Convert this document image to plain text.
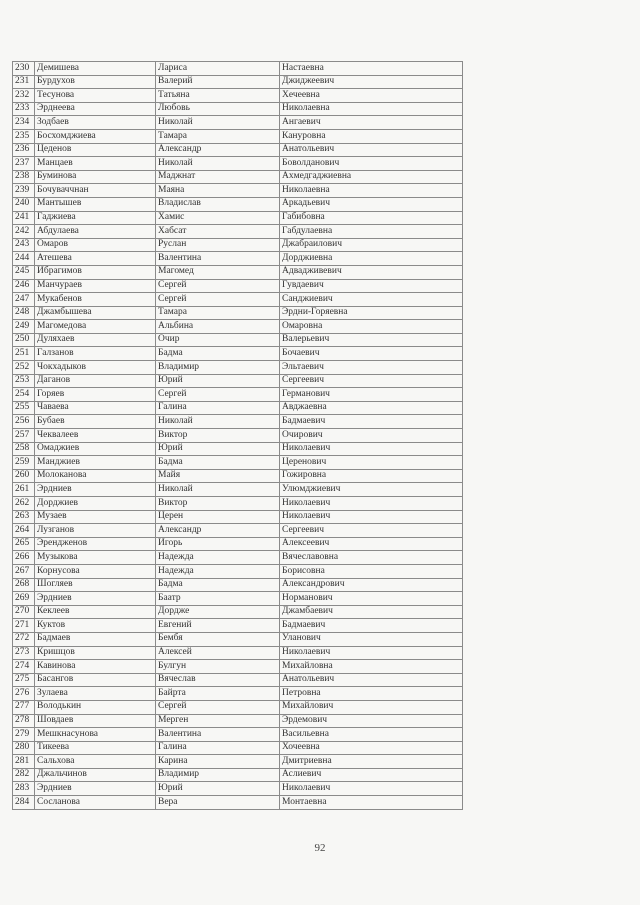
230	Демишева	Лариса	Настаевна
231	Бурдухов	Валерий	Джиджеевич
232	Тесунова	Татьяна	Хечеевна
233	Эрднеева	Любовь	Николаевна
234	Зодбаев	Николай	Ангаевич
235	Босхомджиева	Тамара	Кануровна
236	Цеденов	Александр	Анатольевич
237	Манцаев	Николай	Боволданович
238	Буминова	Маджнат	Ахмедгаджиевна
239	Бочуваччнан	Маяна	Николаевна
240	Мантышев	Владислав	Аркадьевич
241	Гаджиева	Хамис	Габибовна
242	Абдулаева	Хабсат	Габдулаевна
243	Омаров	Руслан	Джабраилович
244	Атешева	Валентина	Дорджиевна
245	Ибрагимов	Магомед	Адвадживевич
246	Манчураев	Сергей	Гувдаевич
247	Мукабенов	Сергей	Санджиевич
248	Джамбышева	Тамара	Эрдни-Горяевна
249	Магомедова	Альбина	Омаровна
250	Дуляхаев	Очир	Валерьевич
251	Галзанов	Бадма	Бочаевич
252	Чокхадыков	Владимир	Эльтаевич
253	Даганов	Юрий	Сергеевич
254	Горяев	Сергей	Германович
255	Чаваева	Галина	Авджаевна
256	Бубаев	Николай	Бадмаевич
257	Чеквалеев	Виктор	Очирович
258	Омаджиев	Юрий	Николаевич
259	Манджиев	Бадма	Церенович
260	Молоканова	Майя	Гожировна
261	Эрдниев	Николай	Улюмджиевич
262	Дорджиев	Виктор	Николаевич
263	Музаев	Церен	Николаевич
264	Лузганов	Александр	Сергеевич
265	Эрендженов	Игорь	Алексеевич
266	Музыкова	Надежда	Вячеславовна
267	Корнусова	Надежда	Борисовна
268	Шогляев	Бадма	Александрович
269	Эрдниев	Баатр	Норманович
270	Кеклеев	Дордже	Джамбаевич
271	Куктов	Евгений	Бадмаевич
272	Бадмаев	Бембя	Уланович
273	Кришцов	Алексей	Николаевич
274	Кавинова	Булгун	Михайловна
275	Басангов	Вячеслав	Анатольевич
276	Зулаева	Байрта	Петровна
277	Володькин	Сергей	Михайлович
278	Шовдаев	Мерген	Эрдемович
279	Мешкнасунова	Валентина	Васильевна
280	Тикеева	Галина	Хочеевна
281	Сальхова	Карина	Дмитриевна
282	Джальчинов	Владимир	Аслиевич
283	Эрдниев	Юрий	Николаевич
284	Сосланова	Вера	Монтаевна
92
